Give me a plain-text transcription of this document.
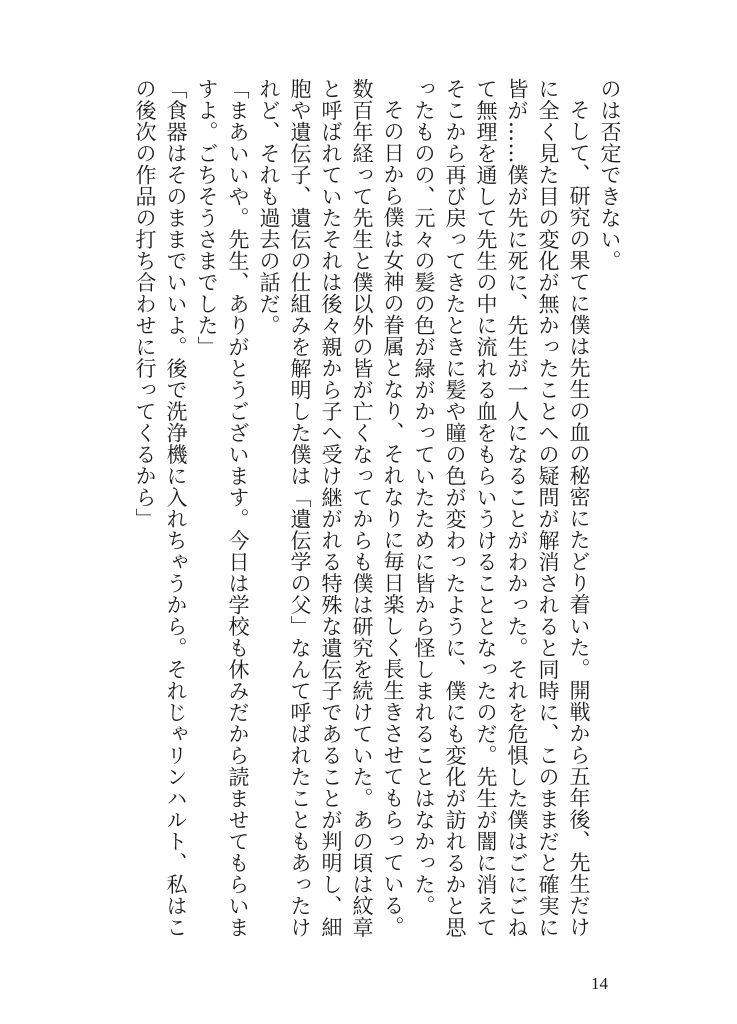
のは否定できない。

そして、研究の果てに僕は先生の血の秘密にたどり着いた。開戦から五年後、先生だけに全く見た目の変化が無かったことへの疑問が解消されると同時に、このままだと確実に皆が……僕が先に死に、先生が一人になることがわかった。それを危惧した僕はごにごねて無理を通して先生の中に流れる血をもらいうけることとなったのだ。先生が闇に消えてそこから再び戻ってきたときに髪や瞳の色が変わったように、僕にも変化が訪れるかと思ったものの、元々の髪の色が緑がかっていたために皆から怪しまれることはなかった。

その日から僕は女神の眷属となり、それなりに毎日楽しく長生きさせてもらっている。数百年経って先生と僕以外の皆が亡くなってからも僕は研究を続けていた。あの頃は紋章と呼ばれていたそれは後々親から子へ受け継がれる特殊な遺伝子であることが判明し、細胞や遺伝子、遺伝の仕組みを解明した僕は「遺伝学の父」なんて呼ばれたこともあったけれど、それも過去の話だ。

「まあいいや。先生、ありがとうございます。今日は学校も休みだから読ませてもらいますよ。ごちそうさまでした」

「食器はそのままでいいよ。後で洗浄機に入れちゃうから。それじゃリンハルト、私はこの後次の作品の打ち合わせに行ってくるから」

14
